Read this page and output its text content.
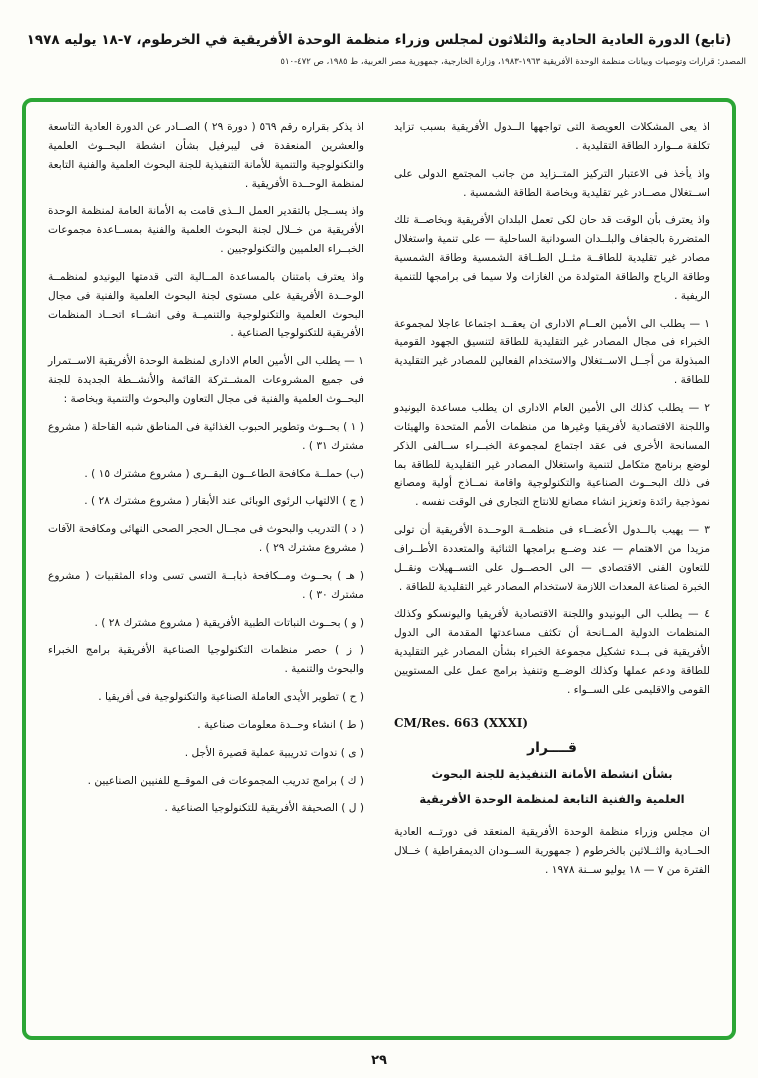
(تابع) الدورة العادية الحادية والثلاثون لمجلس وزراء منظمة الوحدة الأفريقية في الخرطوم، ٧-١٨ يوليه ١٩٧٨

المصدر: قرارات وتوصيات وبيانات منظمة الوحدة الأفريقية ١٩٦٣-١٩٨٣، وزارة الخارجية، جمهورية مصر العربية، ط ١٩٨٥، ص ٤٧٢-٥١٠

اذ يعى المشكلات العويصة التى تواجهها الــدول الأفريقية بسبب تزايد تكلفة مــوارد الطاقة التقليدية .

واذ يأخذ فى الاعتبار التركيز المتــزايد من جانب المجتمع الدولى على اســتغلال مصــادر غير تقليدية وبخاصة الطاقة الشمسية .

واذ يعترف بأن الوقت قد حان لكى تعمل البلدان الأفريقية وبخاصــة تلك المتضررة بالجفاف والبلــدان السودانية الساحلية — على تنمية واستغلال مصادر غير تقليدية للطاقــة مثــل الطــاقة الشمسية وطاقة الشمسية وطاقة الرياح والطاقة المتولدة من الغازات ولا سيما فى برامجها للتنمية الريفية .

١ — يطلب الى الأمين العــام الادارى ان يعقــد اجتماعا عاجلا لمجموعة الخبراء فى مجال المصادر غير التقليدية للطاقة لتنسيق الجهود القومية المبذولة من أجــل الاســتغلال والاستخدام الفعالين للمصادر غير التقليدية للطاقة .

٢ — يطلب كذلك الى الأمين العام الادارى ان يطلب مساعدة اليونيدو واللجنة الاقتصادية لأفريقيا وغيرها من منظمات الأمم المتحدة والهيئات المسانحة الأخرى فى عقد اجتماع لمجموعة الخبــراء ســالفى الذكر لوضع برنامج متكامل لتنمية واستغلال المصادر غير التقليدية للطاقة بما فى ذلك البحــوث الصناعية والتكنولوجية واقامة نمــاذج أولية ومصانع نموذجية رائدة وتعزيز انشاء مصانع للانتاج التجارى فى الوقت نفسه .

٣ — يهيب بالــدول الأعضــاء فى منظمــة الوحــدة الأفريقية أن تولى مزيدا من الاهتمام — عند وضــع برامجها الثنائية والمتعددة الأطــراف للتعاون الفنى الاقتصادى — الى الحصــول على التســهيلات ونقــل الخبرة لصناعة المعدات اللازمة لاستخدام المصادر غير التقليدية للطاقة .

٤ — يطلب الى اليونيدو واللجنة الاقتصادية لأفريقيا واليونسكو وكذلك المنظمات الدولية المــانحة أن تكثف مساعدتها المقدمة الى الدول الأفريقية فى بــدء تشكيل مجموعة الخبراء بشأن المصادر غير التقليدية للطاقة ودعم عملها وكذلك الوضــع وتنفيذ برامج عمل على المستويين القومى والاقليمى على الســواء .

CM/Res. 663 (XXXI)

قــــرار
بشأن انشطة الأمانة التنفيذية للجنة البحوث
العلمية والفنية التابعة لمنظمة الوحدة الأفريقية

ان مجلس وزراء منظمة الوحدة الأفريقية المنعقد فى دورتــه العادية الحــادية والثــلاثين بالخرطوم ( جمهورية الســودان الديمقراطية ) خــلال الفترة من ٧ — ١٨ يوليو ســنة ١٩٧٨ .

اذ يذكر بقراره رقم ٥٦٩ ( دورة ٢٩ ) الصــادر عن الدورة العادية التاسعة والعشرين المنعقدة فى ليبرفيل بشأن انشطة البحــوث العلمية والتكنولوجية والتنمية للأمانة التنفيذية للجنة البحوث العلمية والفنية التابعة لمنظمة الوحــدة الأفريقية .

واذ يســجل بالتقدير العمل الــذى قامت به الأمانة العامة لمنظمة الوحدة الأفريقية من خــلال لجنة البحوث العلمية والفنية بمســاعدة مجموعات الخبــراء العلميين والتكنولوجيين .

واذ يعترف بامتنان بالمساعدة المــالية التى قدمتها اليونيدو لمنظمــة الوحــدة الأفريقية على مستوى لجنة البحوث العلمية والفنية فى مجال البحوث العلمية والتكنولوجية والتنميــة وفى انشــاء اتحــاد المنظمات الأفريقية للتكنولوجيا الصناعية .

١ — يطلب الى الأمين العام الادارى لمنظمة الوحدة الأفريقية الاســتمرار فى جميع المشروعات المشــتركة القائمة والأنشــطة الجديدة للجنة البحــوث العلمية والفنية فى مجال التعاون والبحوث والتنمية وبخاصة :

( ١ ) بحــوث وتطوير الحبوب الغذائية فى المناطق شبه القاحلة ( مشروع مشترك ٣١ ) .

(ب) حملــة مكافحة الطاعــون البقــرى ( مشروع مشترك ١٥ ) .

( ج ) الالتهاب الرئوى الوبائى عند الأبقار ( مشروع مشترك ٢٨ ) .

( د ) التدريب والبحوث فى مجــال الحجر الصحى النهائى ومكافحة الآفات ( مشروع مشترك ٢٩ ) .

( هـ ) بحــوث ومــكافحة ذبابــة التسى تسى وداء المثقبيات ( مشروع مشترك ٣٠ ) .

( و ) بحــوث النباتات الطبية الأفريقية ( مشروع مشترك ٢٨ ) .

( ز ) حصر منظمات التكنولوجيا الصناعية الأفريقية برامج الخبراء والبحوث والتنمية .

( ح ) تطوير الأيدى العاملة الصناعية والتكنولوجية فى أفريقيا .

( ط ) انشاء وحــدة معلومات صناعية .

( ى ) ندوات تدريبية عملية قصيرة الأجل .

( ك ) برامج تدريب المجموعات فى الموقــع للفنيين الصناعيين .

( ل ) الصحيفة الأفريقية للتكنولوجيا الصناعية .

٢٩
